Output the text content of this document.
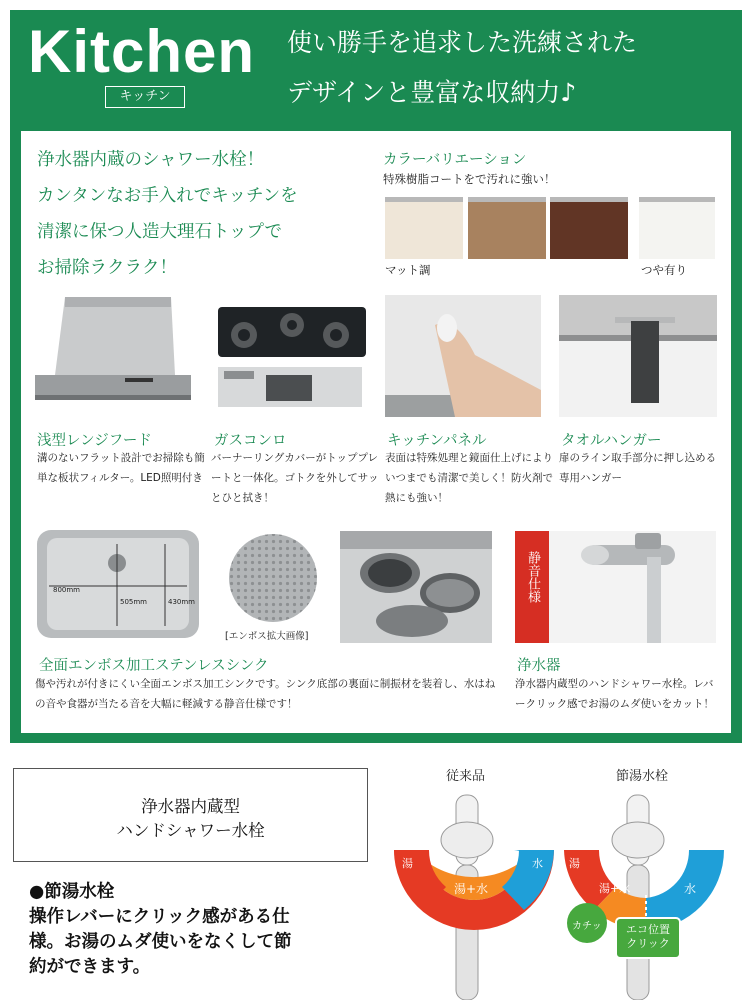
Kitchen
キッチン
使い勝手を追求した洗練された
デザインと豊富な収納力♪
浄水器内蔵のシャワー水栓！
カンタンなお手入れでキッチンを
清潔に保つ人造大理石トップで
お掃除ラクラク！
カラーバリエーション
特殊樹脂コートをで汚れに強い！
マット調	つや有り
浅型レンジフード
溝のないフラット設計でお掃除も簡単な板状フィルター。LED照明付き
ガスコンロ
バーナーリングカバーがトッププレートと一体化。ゴトクを外してサッとひと拭き！
キッチンパネル
表面は特殊処理と鏡面仕上げによりいつまでも清潔で美しく！防火剤で熱にも強い！
タオルハンガー
扉のライン取手部分に押し込める専用ハンガー
800mm
505mm	430mm
[エンボス拡大画像]
静音仕様
全面エンボス加工ステンレスシンク
傷や汚れが付きにくい全面エンボス加工シンクです。シンク底部の裏面に制振材を装着し、水はねの音や食器が当たる音を大幅に軽減する静音仕様です！
浄水器
浄水器内蔵型のハンドシャワー水栓。レバークリック感でお湯のムダ使いをカット！
浄水器内蔵型
ハンドシャワー水栓
●節湯水栓
操作レバーにクリック感がある仕
様。お湯のムダ使いをなくして節
約ができます。
従来品	節湯水栓
湯	水
湯+水
湯
湯+水	水
カチッ	エコ位置
クリック
